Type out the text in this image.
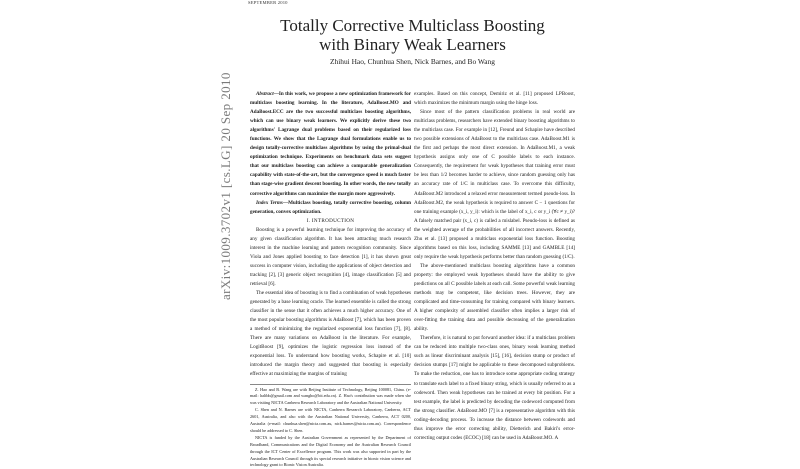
SEPTEMBER 2010
arXiv:1009.3702v1 [cs.LG] 20 Sep 2010
Totally Corrective Multiclass Boosting
with Binary Weak Learners
Zhihui Hao, Chunhua Shen, Nick Barnes, and Bo Wang

Abstract—In this work, we propose a new optimization framework for multiclass boosting learning. In the literature, AdaBoost.MO and AdaBoost.ECC are the two successful multiclass boosting algorithms, which can use binary weak learners. We explicitly derive these two algorithms' Lagrange dual problems based on their regularized loss functions. We show that the Lagrange dual formulations enable us to design totally-corrective multiclass algorithms by using the primal-dual optimization technique. Experiments on benchmark data sets suggest that our multiclass boosting can achieve a comparable generalization capability with state-of-the-art, but the convergence speed is much faster than stage-wise gradient descent boosting. In other words, the new totally corrective algorithms can maximize the margin more aggressively.

Index Terms—Multiclass boosting, totally corrective boosting, column generation, convex optimization.

I. INTRODUCTION

Boosting is a powerful learning technique for improving the accuracy of any given classification algorithm. It has been attracting much research interest in the machine learning and pattern recognition community. Since Viola and Jones applied boosting to face detection [1], it has shown great success in computer vision, including the applications of object detection and tracking [2], [3] generic object recognition [4], image classification [5] and retrieval [6].

The essential idea of boosting is to find a combination of weak hypotheses generated by a base learning oracle. The learned ensemble is called the strong classifier in the sense that it often achieves a much higher accuracy. One of the most popular boosting algorithms is AdaBoost [7], which has been proven a method of minimizing the regularized exponential loss function [7], [8]. There are many variations on AdaBoost in the literature. For example, LogitBoost [9], optimizes the logistic regression loss instead of the exponential loss. To understand how boosting works, Schapire et al. [10] introduced the margin theory and suggested that boosting is especially effective at maximizing the margins of training

Z. Hao and B. Wang are with Beijing Institute of Technology, Beijing 100081, China. (e-mail: haltbb@gmail.com and wangbo@bit.edu.cn). Z. Hao's contribution was made when she was visiting NICTA Canberra Research Laboratory and the Australian National University.

C. Shen and N. Barnes are with NICTA, Canberra Research Laboratory, Canberra, ACT 2601, Australia, and also with the Australian National University, Canberra, ACT 0200, Australia (e-mail: chunhua.shen@nicta.com.au, nick.barnes@nicta.com.au). Correspondence should be addressed to C. Shen.

NICTA is funded by the Australian Government as represented by the Department of Broadband, Communications and the Digital Economy and the Australian Research Council through the ICT Center of Excellence program. This work was also supported in part by the Australian Research Council through its special research initiative in bionic vision science and technology grant to Bionic Vision Australia.

examples. Based on this concept, Demiriz et al. [11] proposed LPBoost, which maximizes the minimum margin using the hinge loss.

Since most of the pattern classification problems in real world are multiclass problems, researchers have extended binary boosting algorithms to the multiclass case. For example in [12], Freund and Schapire have described two possible extensions of AdaBoost to the multiclass case. AdaBoost.M1 is the first and perhaps the most direct extension. In AdaBoost.M1, a weak hypothesis assigns only one of C possible labels to each instance. Consequently, the requirement for weak hypotheses that training error must be less than 1/2 becomes harder to achieve, since random guessing only has an accuracy rate of 1/C in multiclass case. To overcome this difficulty, AdaBoost.M2 introduced a relaxed error measurement termed pseudo-loss. In AdaBoost.M2, the weak hypothesis is required to answer C − 1 questions for one training example (x_i, y_i): which is the label of x_i, c or y_i (∀c ≠ y_i)? A falsely matched pair (x_i, c) is called a mislabel. Pseudo-loss is defined as the weighted average of the probabilities of all incorrect answers. Recently, Zhu et al. [13] proposed a multiclass exponential loss function. Boosting algorithms based on this loss, including SAMME [13] and GAMBLE [14] only require the weak hypothesis performs better than random guessing (1/C).

The above-mentioned multiclass boosting algorithms have a common property: the employed weak hypotheses should have the ability to give predictions on all C possible labels at each call. Some powerful weak learning methods may be competent, like decision trees. However, they are complicated and time-consuming for training compared with binary learners. A higher complexity of assembled classifier often implies a larger risk of over-fitting the training data and possible decreasing of the generalization ability.

Therefore, it is natural to put forward another idea: if a multiclass problem can be reduced into multiple two-class ones, binary weak learning method such as linear discriminant analysis [15], [16], decision stump or product of decision stumps [17] might be applicable to these decomposed subproblems. To make the reduction, one has to introduce some appropriate coding strategy to translate each label to a fixed binary string, which is usually referred to as a codeword. Then weak hypotheses can be trained at every bit position. For a test example, the label is predicted by decoding the codeword computed from the strong classifier. AdaBoost.MO [7] is a representative algorithm with this coding-decoding process. To increase the distance between codewords and thus improve the error correcting ability, Dietterich and Bakiri's error-correcting output codes (ECOC) [18] can be used in AdaBoost.MO. A
